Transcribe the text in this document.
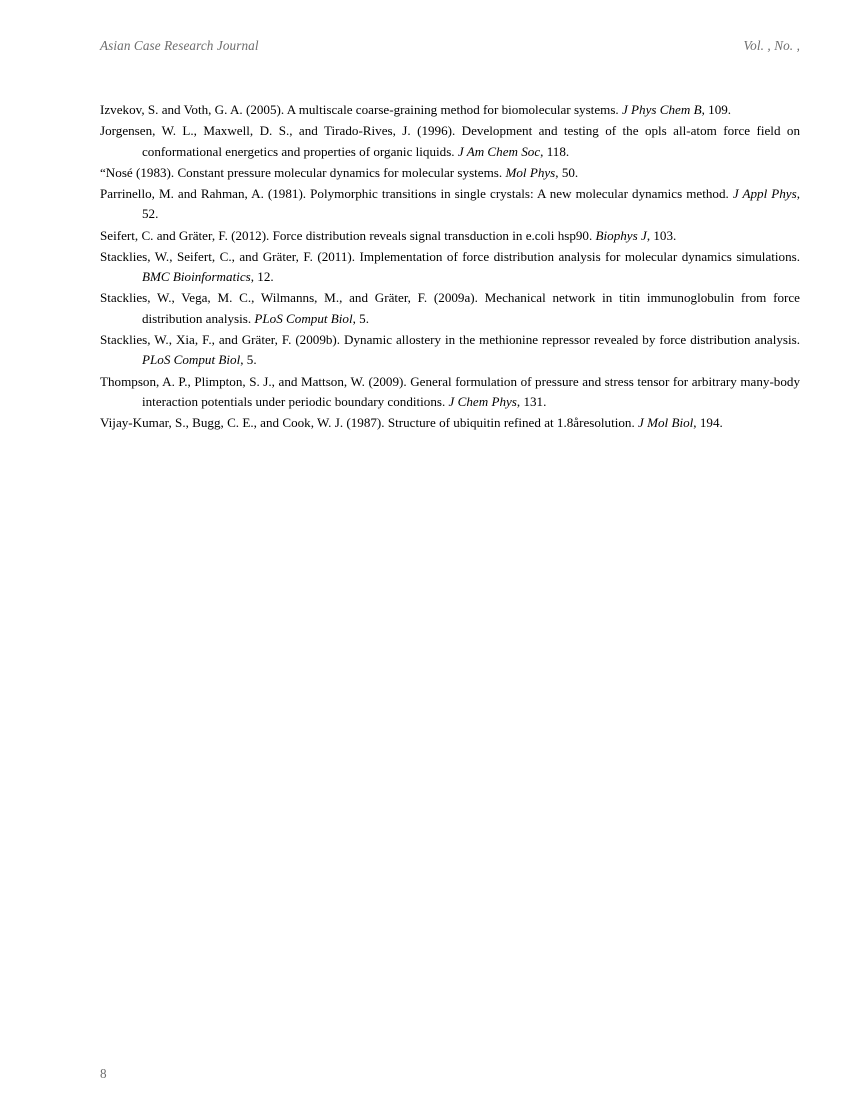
Asian Case Research Journal	Vol. , No. ,

Izvekov, S. and Voth, G. A. (2005). A multiscale coarse-graining method for biomolecular systems. J Phys Chem B, 109.

Jorgensen, W. L., Maxwell, D. S., and Tirado-Rives, J. (1996). Development and testing of the opls all-atom force field on conformational energetics and properties of organic liquids. J Am Chem Soc, 118.

“Nosé (1983). Constant pressure molecular dynamics for molecular systems. Mol Phys, 50.

Parrinello, M. and Rahman, A. (1981). Polymorphic transitions in single crystals: A new molecular dynamics method. J Appl Phys, 52.

Seifert, C. and Gräter, F. (2012). Force distribution reveals signal transduction in e.coli hsp90. Biophys J, 103.

Stacklies, W., Seifert, C., and Gräter, F. (2011). Implementation of force distribution analysis for molecular dynamics simulations. BMC Bioinformatics, 12.

Stacklies, W., Vega, M. C., Wilmanns, M., and Gräter, F. (2009a). Mechanical network in titin immunoglobulin from force distribution analysis. PLoS Comput Biol, 5.

Stacklies, W., Xia, F., and Gräter, F. (2009b). Dynamic allostery in the methionine repressor revealed by force distribution analysis. PLoS Comput Biol, 5.

Thompson, A. P., Plimpton, S. J., and Mattson, W. (2009). General formulation of pressure and stress tensor for arbitrary many-body interaction potentials under periodic boundary conditions. J Chem Phys, 131.

Vijay-Kumar, S., Bugg, C. E., and Cook, W. J. (1987). Structure of ubiquitin refined at 1.8åresolution. J Mol Biol, 194.

8
